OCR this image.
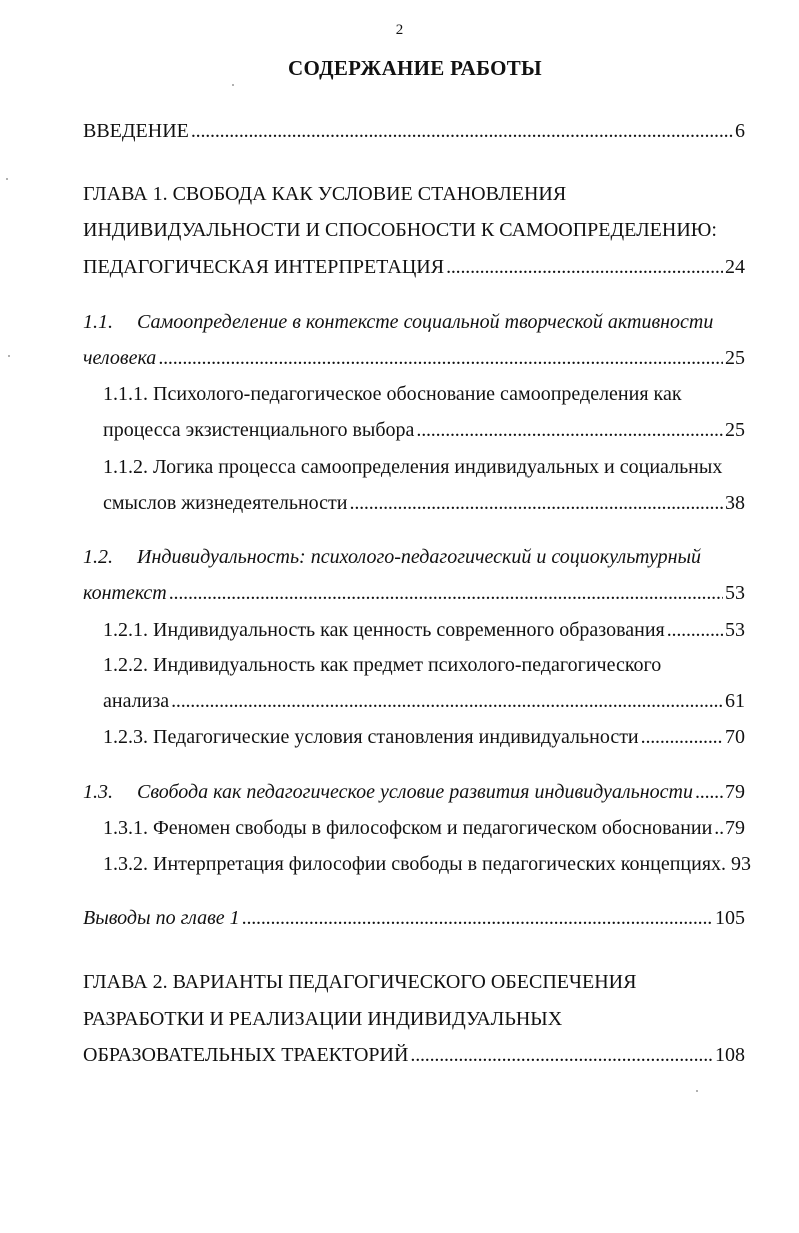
2
СОДЕРЖАНИЕ РАБОТЫ
ВВЕДЕНИЕ . . .	6
ГЛАВА 1. СВОБОДА КАК УСЛОВИЕ СТАНОВЛЕНИЯ
ИНДИВИДУАЛЬНОСТИ И СПОСОБНОСТИ К САМООПРЕДЕЛЕНИЮ:
ПЕДАГОГИЧЕСКАЯ ИНТЕРПРЕТАЦИЯ . . .	24
1.1. Самоопределение в контексте социальной творческой активности
человека . . .	25
1.1.1. Психолого-педагогическое обоснование самоопределения как
процесса экзистенциального выбора . . .	25
1.1.2. Логика процесса самоопределения индивидуальных и социальных
смыслов жизнедеятельности . . .	38
1.2. Индивидуальность: психолого-педагогический и социокультурный
контекст . . .	53
1.2.1. Индивидуальность как ценность современного образования . . .	53
1.2.2. Индивидуальность как предмет психолого-педагогического
анализа . . .	61
1.2.3. Педагогические условия становления индивидуальности . . .	70
1.3. Свобода как педагогическое условие развития индивидуальности . . . 79
1.3.1. Феномен свободы в философском и педагогическом обосновании . . . 79
1.3.2. Интерпретация философии свободы в педагогических концепциях. 93
Выводы по главе 1 . . .	105
ГЛАВА 2. ВАРИАНТЫ ПЕДАГОГИЧЕСКОГО ОБЕСПЕЧЕНИЯ
РАЗРАБОТКИ И РЕАЛИЗАЦИИ ИНДИВИДУАЛЬНЫХ
ОБРАЗОВАТЕЛЬНЫХ ТРАЕКТОРИЙ . . .	108
